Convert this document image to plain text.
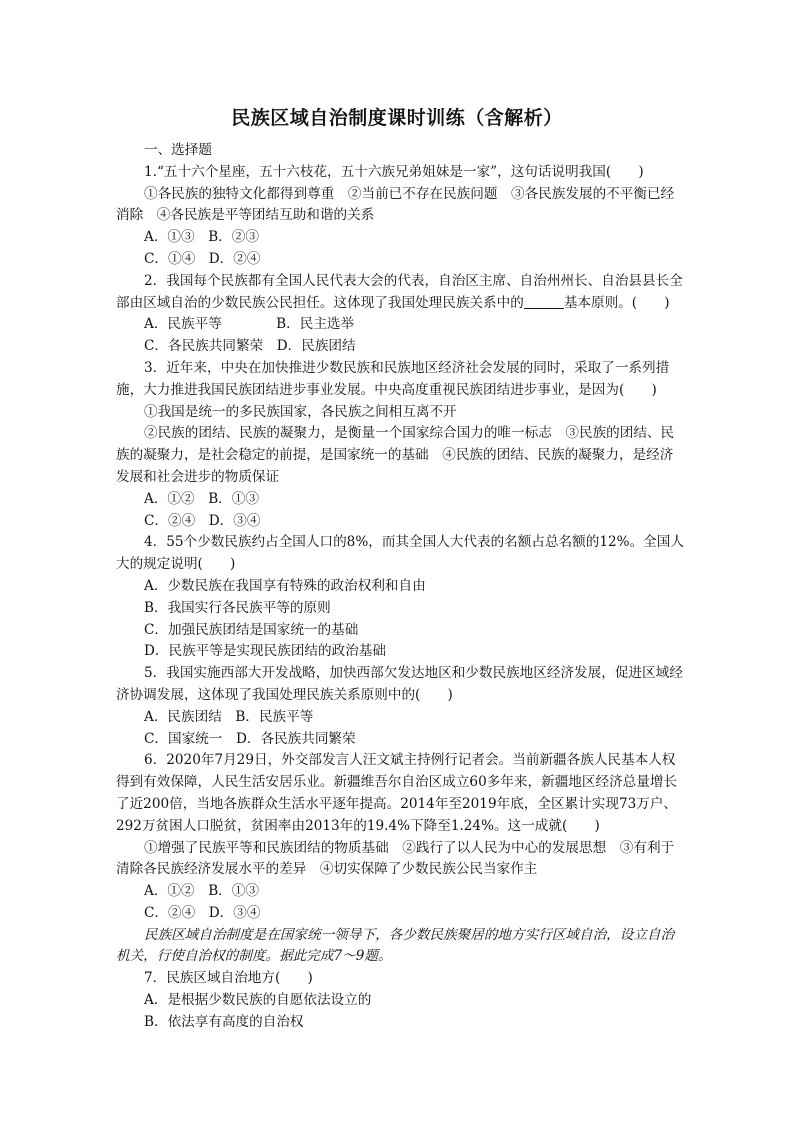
民族区域自治制度课时训练（含解析）

一、选择题

1.“五十六个星座，五十六枝花，五十六族兄弟姐妹是一家”，这句话说明我国(　　)

①各民族的独特文化都得到尊重　②当前已不存在民族问题　③各民族发展的不平衡已经消除　④各民族是平等团结互助和谐的关系

A．①③　B．②③

C．①④　D．②④

2．我国每个民族都有全国人民代表大会的代表，自治区主席、自治州州长、自治县县长全部由区域自治的少数民族公民担任。这体现了我国处理民族关系中的	基本原则。(　　)

A．民族平等　　　　B．民主选举

C．各民族共同繁荣　D．民族团结

3．近年来，中央在加快推进少数民族和民族地区经济社会发展的同时，采取了一系列措施，大力推进我国民族团结进步事业发展。中央高度重视民族团结进步事业，是因为(　　)

①我国是统一的多民族国家，各民族之间相互离不开

②民族的团结、民族的凝聚力，是衡量一个国家综合国力的唯一标志　③民族的团结、民族的凝聚力，是社会稳定的前提，是国家统一的基础　④民族的团结、民族的凝聚力，是经济发展和社会进步的物质保证

A．①②　B．①③

C．②④　D．③④

4．55个少数民族约占全国人口的8%，而其全国人大代表的名额占总名额的12%。全国人大的规定说明(　　)

A．少数民族在我国享有特殊的政治权利和自由

B．我国实行各民族平等的原则

C．加强民族团结是国家统一的基础

D．民族平等是实现民族团结的政治基础

5．我国实施西部大开发战略，加快西部欠发达地区和少数民族地区经济发展，促进区域经济协调发展，这体现了我国处理民族关系原则中的(　　)

A．民族团结　B．民族平等

C．国家统一　D．各民族共同繁荣

6．2020年7月29日，外交部发言人汪文斌主持例行记者会。当前新疆各族人民基本人权得到有效保障，人民生活安居乐业。新疆维吾尔自治区成立60多年来，新疆地区经济总量增长了近200倍，当地各族群众生活水平逐年提高。2014年至2019年底，全区累计实现73万户、292万贫困人口脱贫，贫困率由2013年的19.4%下降至1.24%。这一成就(　　)

①增强了民族平等和民族团结的物质基础　②践行了以人民为中心的发展思想　③有利于清除各民族经济发展水平的差异　④切实保障了少数民族公民当家作主

A．①②　B．①③

C．②④　D．③④

民族区域自治制度是在国家统一领导下，各少数民族聚居的地方实行区域自治，设立自治机关，行使自治权的制度。据此完成7～9题。

7．民族区域自治地方(　　)

A．是根据少数民族的自愿依法设立的

B．依法享有高度的自治权
